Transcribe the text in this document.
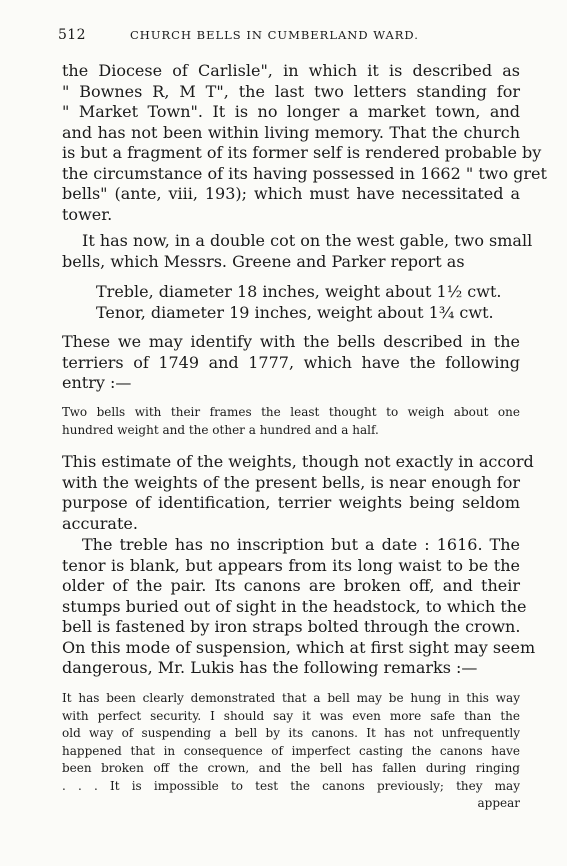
512	CHURCH BELLS IN CUMBERLAND WARD.
the Diocese of Carlisle", in which it is described as
" Bownes R, M T", the last two letters standing for
" Market Town". It is no longer a market town, and
and has not been within living memory. That the church
is but a fragment of its former self is rendered probable by
the circumstance of its having possessed in 1662 " two gret
bells" (ante, viii, 193); which must have necessitated a
tower.
It has now, in a double cot on the west gable, two small
bells, which Messrs. Greene and Parker report as
Treble, diameter 18 inches, weight about 1½ cwt.
Tenor, diameter 19 inches, weight about 1¾ cwt.
These we may identify with the bells described in the
terriers of 1749 and 1777, which have the following
entry :—
Two bells with their frames the least thought to weigh about one
hundred weight and the other a hundred and a half.
This estimate of the weights, though not exactly in accord
with the weights of the present bells, is near enough for
purpose of identification, terrier weights being seldom
accurate.
The treble has no inscription but a date : 1616. The
tenor is blank, but appears from its long waist to be the
older of the pair. Its canons are broken off, and their
stumps buried out of sight in the headstock, to which the
bell is fastened by iron straps bolted through the crown.
On this mode of suspension, which at first sight may seem
dangerous, Mr. Lukis has the following remarks :—
It has been clearly demonstrated that a bell may be hung in this way
with perfect security. I should say it was even more safe than the
old way of suspending a bell by its canons. It has not unfrequently
happened that in consequence of imperfect casting the canons have
been broken off the crown, and the bell has fallen during ringing
. . . It is impossible to test the canons previously; they may
appear
